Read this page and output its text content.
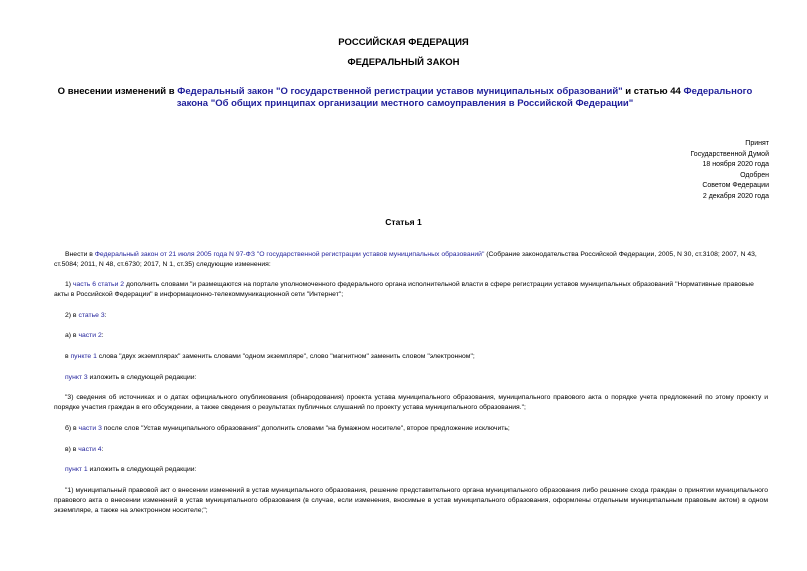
РОССИЙСКАЯ ФЕДЕРАЦИЯ
ФЕДЕРАЛЬНЫЙ ЗАКОН
О внесении изменений в Федеральный закон "О государственной регистрации уставов муниципальных образований" и статью 44 Федерального закона "Об общих принципах организации местного самоуправления в Российской Федерации"
Принят
Государственной Думой
18 ноября 2020 года
Одобрен
Советом Федерации
2 декабря 2020 года
Статья 1

Внести в Федеральный закон от 21 июля 2005 года N 97-ФЗ "О государственной регистрации уставов муниципальных образований" (Собрание законодательства Российской Федерации, 2005, N 30, ст.3108; 2007, N 43, ст.5084; 2011, N 48, ст.6730; 2017, N 1, ст.35) следующие изменения:

1) часть 6 статьи 2 дополнить словами "и размещаются на портале уполномоченного федерального органа исполнительной власти в сфере регистрации уставов муниципальных образований "Нормативные правовые акты в Российской Федерации" в информационно-телекоммуникационной сети "Интернет";

2) в статье 3:

а) в части 2:

в пункте 1 слова "двух экземплярах" заменить словами "одном экземпляре", слово "магнитном" заменить словом "электронном";

пункт 3 изложить в следующей редакции:

"3) сведения об источниках и о датах официального опубликования (обнародования) проекта устава муниципального образования, муниципального правового акта о порядке учета предложений по этому проекту и порядке участия граждан в его обсуждении, а также сведения о результатах публичных слушаний по проекту устава муниципального образования.";

б) в части 3 после слов "Устав муниципального образования" дополнить словами "на бумажном носителе", второе предложение исключить;

в) в части 4:

пункт 1 изложить в следующей редакции:

"1) муниципальный правовой акт о внесении изменений в устав муниципального образования, решение представительного органа муниципального образования либо решение схода граждан о принятии муниципального правового акта о внесении изменений в устав муниципального образования (в случае, если изменения, вносимые в устав муниципального образования, оформлены отдельным муниципальным правовым актом) в одном экземпляре, а также на электронном носителе;";
